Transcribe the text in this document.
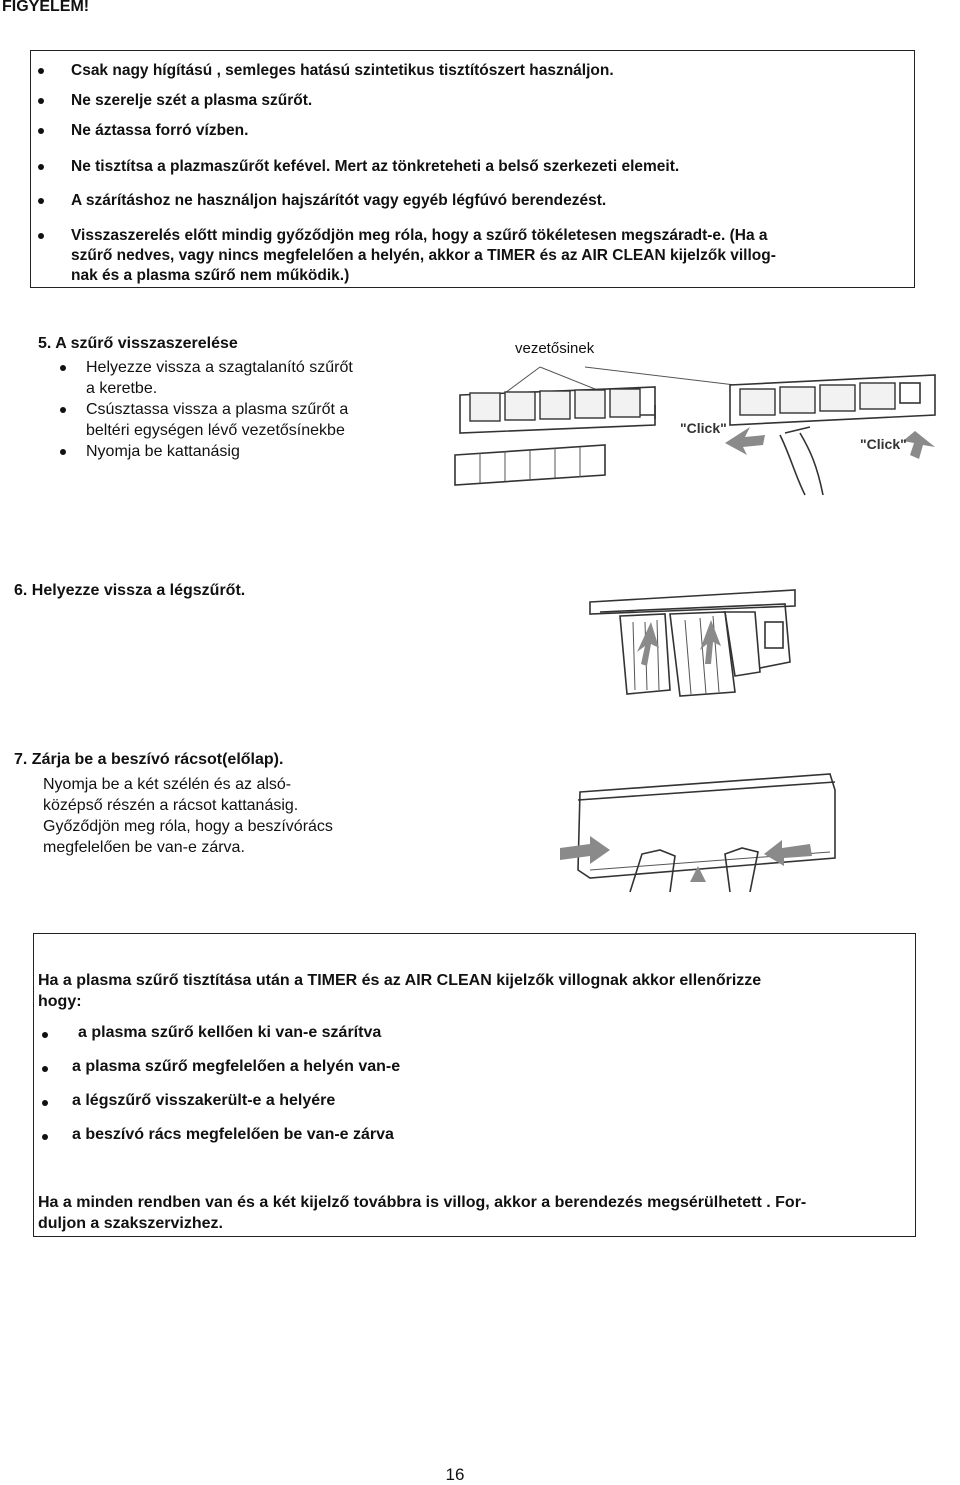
FIGYELEM!
Csak nagy hígítású , semleges hatású szintetikus tisztítószert használjon.
Ne szerelje szét a plasma szűrőt.
Ne áztassa forró vízben.
Ne tisztítsa a plazmaszűrőt kefével. Mert az tönkreteheti a belső szerkezeti elemeit.
A szárításhoz ne használjon hajszárítót vagy egyéb légfúvó berendezést.
Visszaszerelés előtt mindig győződjön meg róla, hogy a szűrő tökéletesen megszáradt-e. (Ha a
szűrő nedves, vagy nincs megfelelően a helyén, akkor a TIMER és az AIR CLEAN kijelzők villog-
nak és a plasma szűrő nem működik.)
5. A szűrő visszaszerelése
Helyezze vissza a szagtalanító szűrőt
a keretbe.
Csúsztassa vissza a plasma szűrőt a
beltéri egységen lévő vezetősínekbe
Nyomja be kattanásig
vezetősinek
"Click"
"Click"
6. Helyezze vissza a légszűrőt.
7. Zárja be a beszívó rácsot(előlap).
Nyomja be a két szélén és az alsó-
középső részén a rácsot kattanásig.
Győződjön meg róla, hogy a beszívórács
megfelelően be van-e zárva.
Ha a plasma szűrő tisztítása után a TIMER és az AIR CLEAN kijelzők villognak akkor ellenőrizze
hogy:
a plasma szűrő kellően ki van-e szárítva
a plasma szűrő megfelelően a helyén van-e
a légszűrő visszakerült-e a helyére
a beszívó rács megfelelően be van-e zárva
Ha a minden rendben van és a két kijelző továbbra is villog, akkor a berendezés megsérülhetett . For-
duljon a szakszervizhez.
16
